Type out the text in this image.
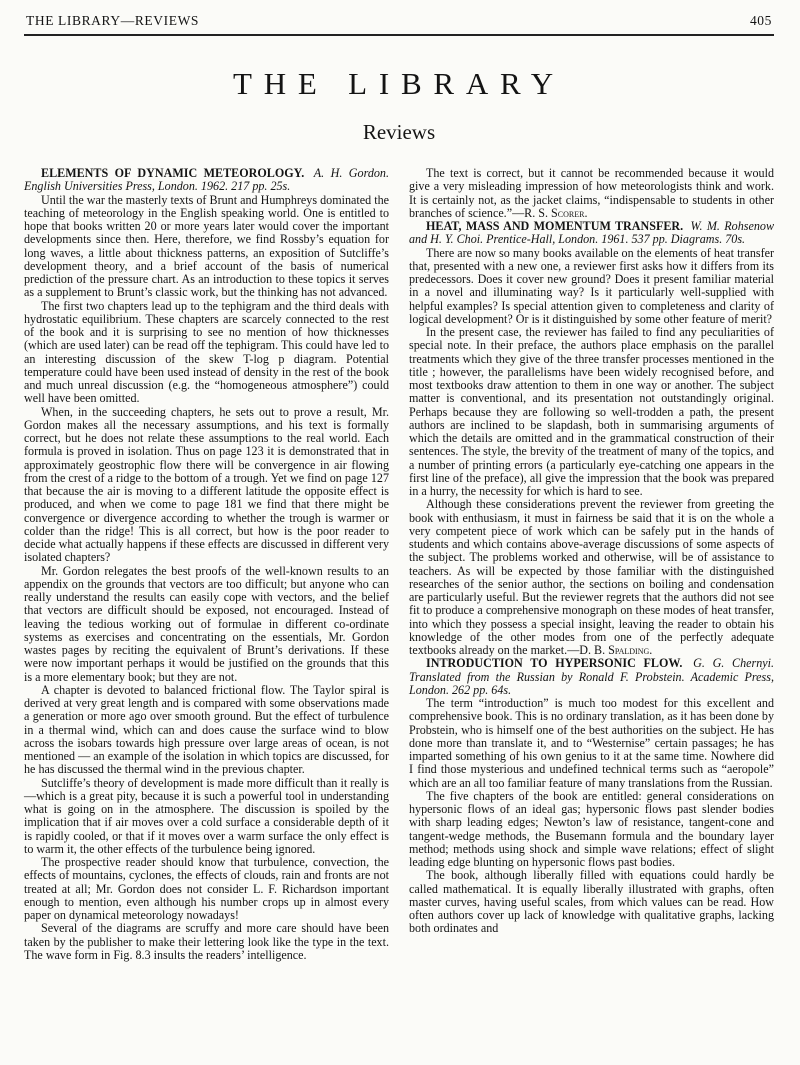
THE LIBRARY—REVIEWS	405
THE LIBRARY
Reviews

ELEMENTS OF DYNAMIC METEOROLOGY. A. H. Gordon. English Universities Press, London. 1962. 217 pp. 25s.

Until the war the masterly texts of Brunt and Humphreys dominated the teaching of meteorology in the English speaking world. One is entitled to hope that books written 20 or more years later would cover the important developments since then. Here, therefore, we find Rossby’s equation for long waves, a little about thickness patterns, an exposition of Sutcliffe’s development theory, and a brief account of the basis of numerical prediction of the pressure chart. As an introduction to these topics it serves as a supplement to Brunt’s classic work, but the thinking has not advanced.

The first two chapters lead up to the tephigram and the third deals with hydrostatic equilibrium. These chapters are scarcely connected to the rest of the book and it is surprising to see no mention of how thicknesses (which are used later) can be read off the tephigram. This could have led to an interesting discussion of the skew T-log p diagram. Potential temperature could have been used instead of density in the rest of the book and much unreal discussion (e.g. the “homogeneous atmosphere”) could well have been omitted.

When, in the succeeding chapters, he sets out to prove a result, Mr. Gordon makes all the necessary assumptions, and his text is formally correct, but he does not relate these assumptions to the real world. Each formula is proved in isolation. Thus on page 123 it is demonstrated that in approximately geostrophic flow there will be convergence in air flowing from the crest of a ridge to the bottom of a trough. Yet we find on page 127 that because the air is moving to a different latitude the opposite effect is produced, and when we come to page 181 we find that there might be convergence or divergence according to whether the trough is warmer or colder than the ridge! This is all correct, but how is the poor reader to decide what actually happens if these effects are discussed in different very isolated chapters?

Mr. Gordon relegates the best proofs of the well-known results to an appendix on the grounds that vectors are too difficult; but anyone who can really understand the results can easily cope with vectors, and the belief that vectors are difficult should be exposed, not encouraged. Instead of leaving the tedious working out of formulae in different co-ordinate systems as exercises and concentrating on the essentials, Mr. Gordon wastes pages by reciting the equivalent of Brunt’s derivations. If these were now important perhaps it would be justified on the grounds that this is a more elementary book; but they are not.

A chapter is devoted to balanced frictional flow. The Taylor spiral is derived at very great length and is compared with some observations made a generation or more ago over smooth ground. But the effect of turbulence in a thermal wind, which can and does cause the surface wind to blow across the isobars towards high pressure over large areas of ocean, is not mentioned — an example of the isolation in which topics are discussed, for he has discussed the thermal wind in the previous chapter.

Sutcliffe’s theory of development is made more difficult than it really is—which is a great pity, because it is such a powerful tool in understanding what is going on in the atmosphere. The discussion is spoiled by the implication that if air moves over a cold surface a considerable depth of it is rapidly cooled, or that if it moves over a warm surface the only effect is to warm it, the other effects of the turbulence being ignored.

The prospective reader should know that turbulence, convection, the effects of mountains, cyclones, the effects of clouds, rain and fronts are not treated at all; Mr. Gordon does not consider L. F. Richardson important enough to mention, even although his number crops up in almost every paper on dynamical meteorology nowadays!

Several of the diagrams are scruffy and more care should have been taken by the publisher to make their lettering look like the type in the text. The wave form in Fig. 8.3 insults the readers’ intelligence.

The text is correct, but it cannot be recommended because it would give a very misleading impression of how meteorologists think and work. It is certainly not, as the jacket claims, “indispensable to students in other branches of science.”—R. S. Scorer.

HEAT, MASS AND MOMENTUM TRANSFER. W. M. Rohsenow and H. Y. Choi. Prentice-Hall, London. 1961. 537 pp. Diagrams. 70s.

There are now so many books available on the elements of heat transfer that, presented with a new one, a reviewer first asks how it differs from its predecessors. Does it cover new ground? Does it present familiar material in a novel and illuminating way? Is it particularly well-supplied with helpful examples? Is special attention given to completeness and clarity of logical development? Or is it distinguished by some other feature of merit?

In the present case, the reviewer has failed to find any peculiarities of special note. In their preface, the authors place emphasis on the parallel treatments which they give of the three transfer processes mentioned in the title ; however, the parallelisms have been widely recognised before, and most textbooks draw attention to them in one way or another. The subject matter is conventional, and its presentation not outstandingly original. Perhaps because they are following so well-trodden a path, the present authors are inclined to be slapdash, both in summarising arguments of which the details are omitted and in the grammatical construction of their sentences. The style, the brevity of the treatment of many of the topics, and a number of printing errors (a particularly eye-catching one appears in the first line of the preface), all give the impression that the book was prepared in a hurry, the necessity for which is hard to see.

Although these considerations prevent the reviewer from greeting the book with enthusiasm, it must in fairness be said that it is on the whole a very competent piece of work which can be safely put in the hands of students and which contains above-average discussions of some aspects of the subject. The problems worked and otherwise, will be of assistance to teachers. As will be expected by those familiar with the distinguished researches of the senior author, the sections on boiling and condensation are particularly useful. But the reviewer regrets that the authors did not see fit to produce a comprehensive monograph on these modes of heat transfer, into which they possess a special insight, leaving the reader to obtain his knowledge of the other modes from one of the perfectly adequate textbooks already on the market.—D. B. Spalding.

INTRODUCTION TO HYPERSONIC FLOW. G. G. Chernyi. Translated from the Russian by Ronald F. Probstein. Academic Press, London. 262 pp. 64s.

The term “introduction” is much too modest for this excellent and comprehensive book. This is no ordinary translation, as it has been done by Probstein, who is himself one of the best authorities on the subject. He has done more than translate it, and to “Westernise” certain passages; he has imparted something of his own genius to it at the same time. Nowhere did I find those mysterious and undefined technical terms such as “aeropole” which are an all too familiar feature of many translations from the Russian.

The five chapters of the book are entitled: general considerations on hypersonic flows of an ideal gas; hypersonic flows past slender bodies with sharp leading edges; Newton’s law of resistance, tangent-cone and tangent-wedge methods, the Busemann formula and the boundary layer method; methods using shock and simple wave relations; effect of slight leading edge blunting on hypersonic flows past bodies.

The book, although liberally filled with equations could hardly be called mathematical. It is equally liberally illustrated with graphs, often master curves, having useful scales, from which values can be read. How often authors cover up lack of knowledge with qualitative graphs, lacking both ordinates and
